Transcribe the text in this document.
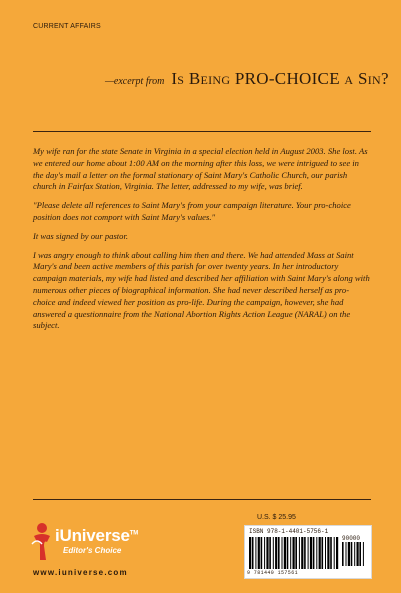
CURRENT AFFAIRS
—excerpt from Is Being PRO-CHOICE a Sin?

My wife ran for the state Senate in Virginia in a special election held in August 2003. She lost. As we entered our home about 1:00 AM on the morning after this loss, we were intrigued to see in the day's mail a letter on the formal stationary of Saint Mary's Catholic Church, our parish church in Fairfax Station, Virginia. The letter, addressed to my wife, was brief.

"Please delete all references to Saint Mary's from your campaign literature. Your pro-choice position does not comport with Saint Mary's values."

It was signed by our pastor.

I was angry enough to think about calling him then and there. We had attended Mass at Saint Mary's and been active members of this parish for over twenty years. In her introductory campaign materials, my wife had listed and described her affiliation with Saint Mary's along with numerous other pieces of biographical information. She had never described herself as pro-choice and indeed viewed her position as pro-life. During the campaign, however, she had answered a questionnaire from the National Abortion Rights Action League (NARAL) on the subject.

iUniverse™
Editor's Choice
www.iuniverse.com
U.S. $ 25.95
ISBN 978-1-4401-5756-1
90000
9 781440 157561
